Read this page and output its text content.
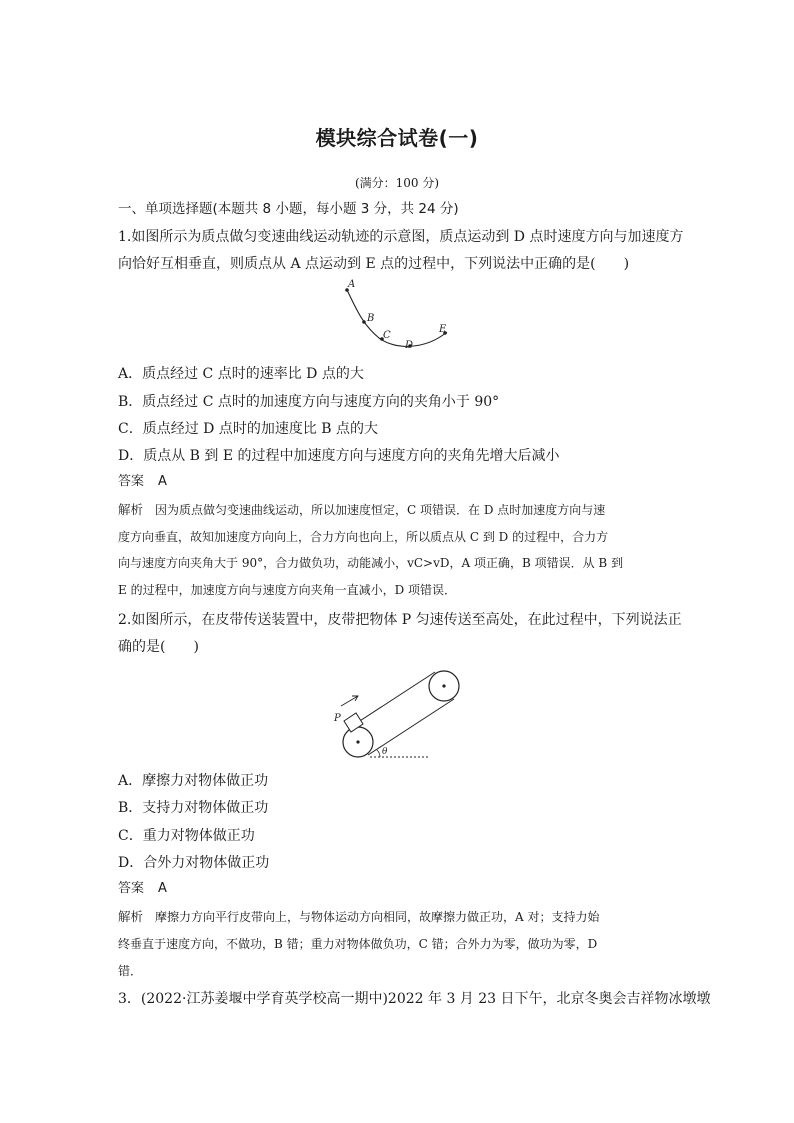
模块综合试卷(一)
(满分：100 分)
一、单项选择题(本题共 8 小题，每小题 3 分，共 24 分)
1.如图所示为质点做匀变速曲线运动轨迹的示意图，质点运动到 D 点时速度方向与加速度方
向恰好互相垂直，则质点从 A 点运动到 E 点的过程中，下列说法中正确的是(　　)
A
B
C
D
E
A．质点经过 C 点时的速率比 D 点的大
B．质点经过 C 点时的加速度方向与速度方向的夹角小于 90°
C．质点经过 D 点时的加速度比 B 点的大
D．质点从 B 到 E 的过程中加速度方向与速度方向的夹角先增大后减小
答案 A
解析 因为质点做匀变速曲线运动，所以加速度恒定，C 项错误．在 D 点时加速度方向与速
度方向垂直，故知加速度方向向上，合力方向也向上，所以质点从 C 到 D 的过程中，合力方
向与速度方向夹角大于 90°，合力做负功，动能减小，vC>vD，A 项正确，B 项错误．从 B 到
E 的过程中，加速度方向与速度方向夹角一直减小，D 项错误．
2.如图所示，在皮带传送装置中，皮带把物体 P 匀速传送至高处，在此过程中，下列说法正
确的是(　　)
P
θ
A．摩擦力对物体做正功
B．支持力对物体做正功
C．重力对物体做正功
D．合外力对物体做正功
答案 A
解析 摩擦力方向平行皮带向上，与物体运动方向相同，故摩擦力做正功，A 对；支持力始
终垂直于速度方向，不做功，B 错；重力对物体做负功，C 错；合外力为零，做功为零，D
错．
3．(2022·江苏姜堰中学育英学校高一期中)2022 年 3 月 23 日下午，北京冬奥会吉祥物冰墩墩
